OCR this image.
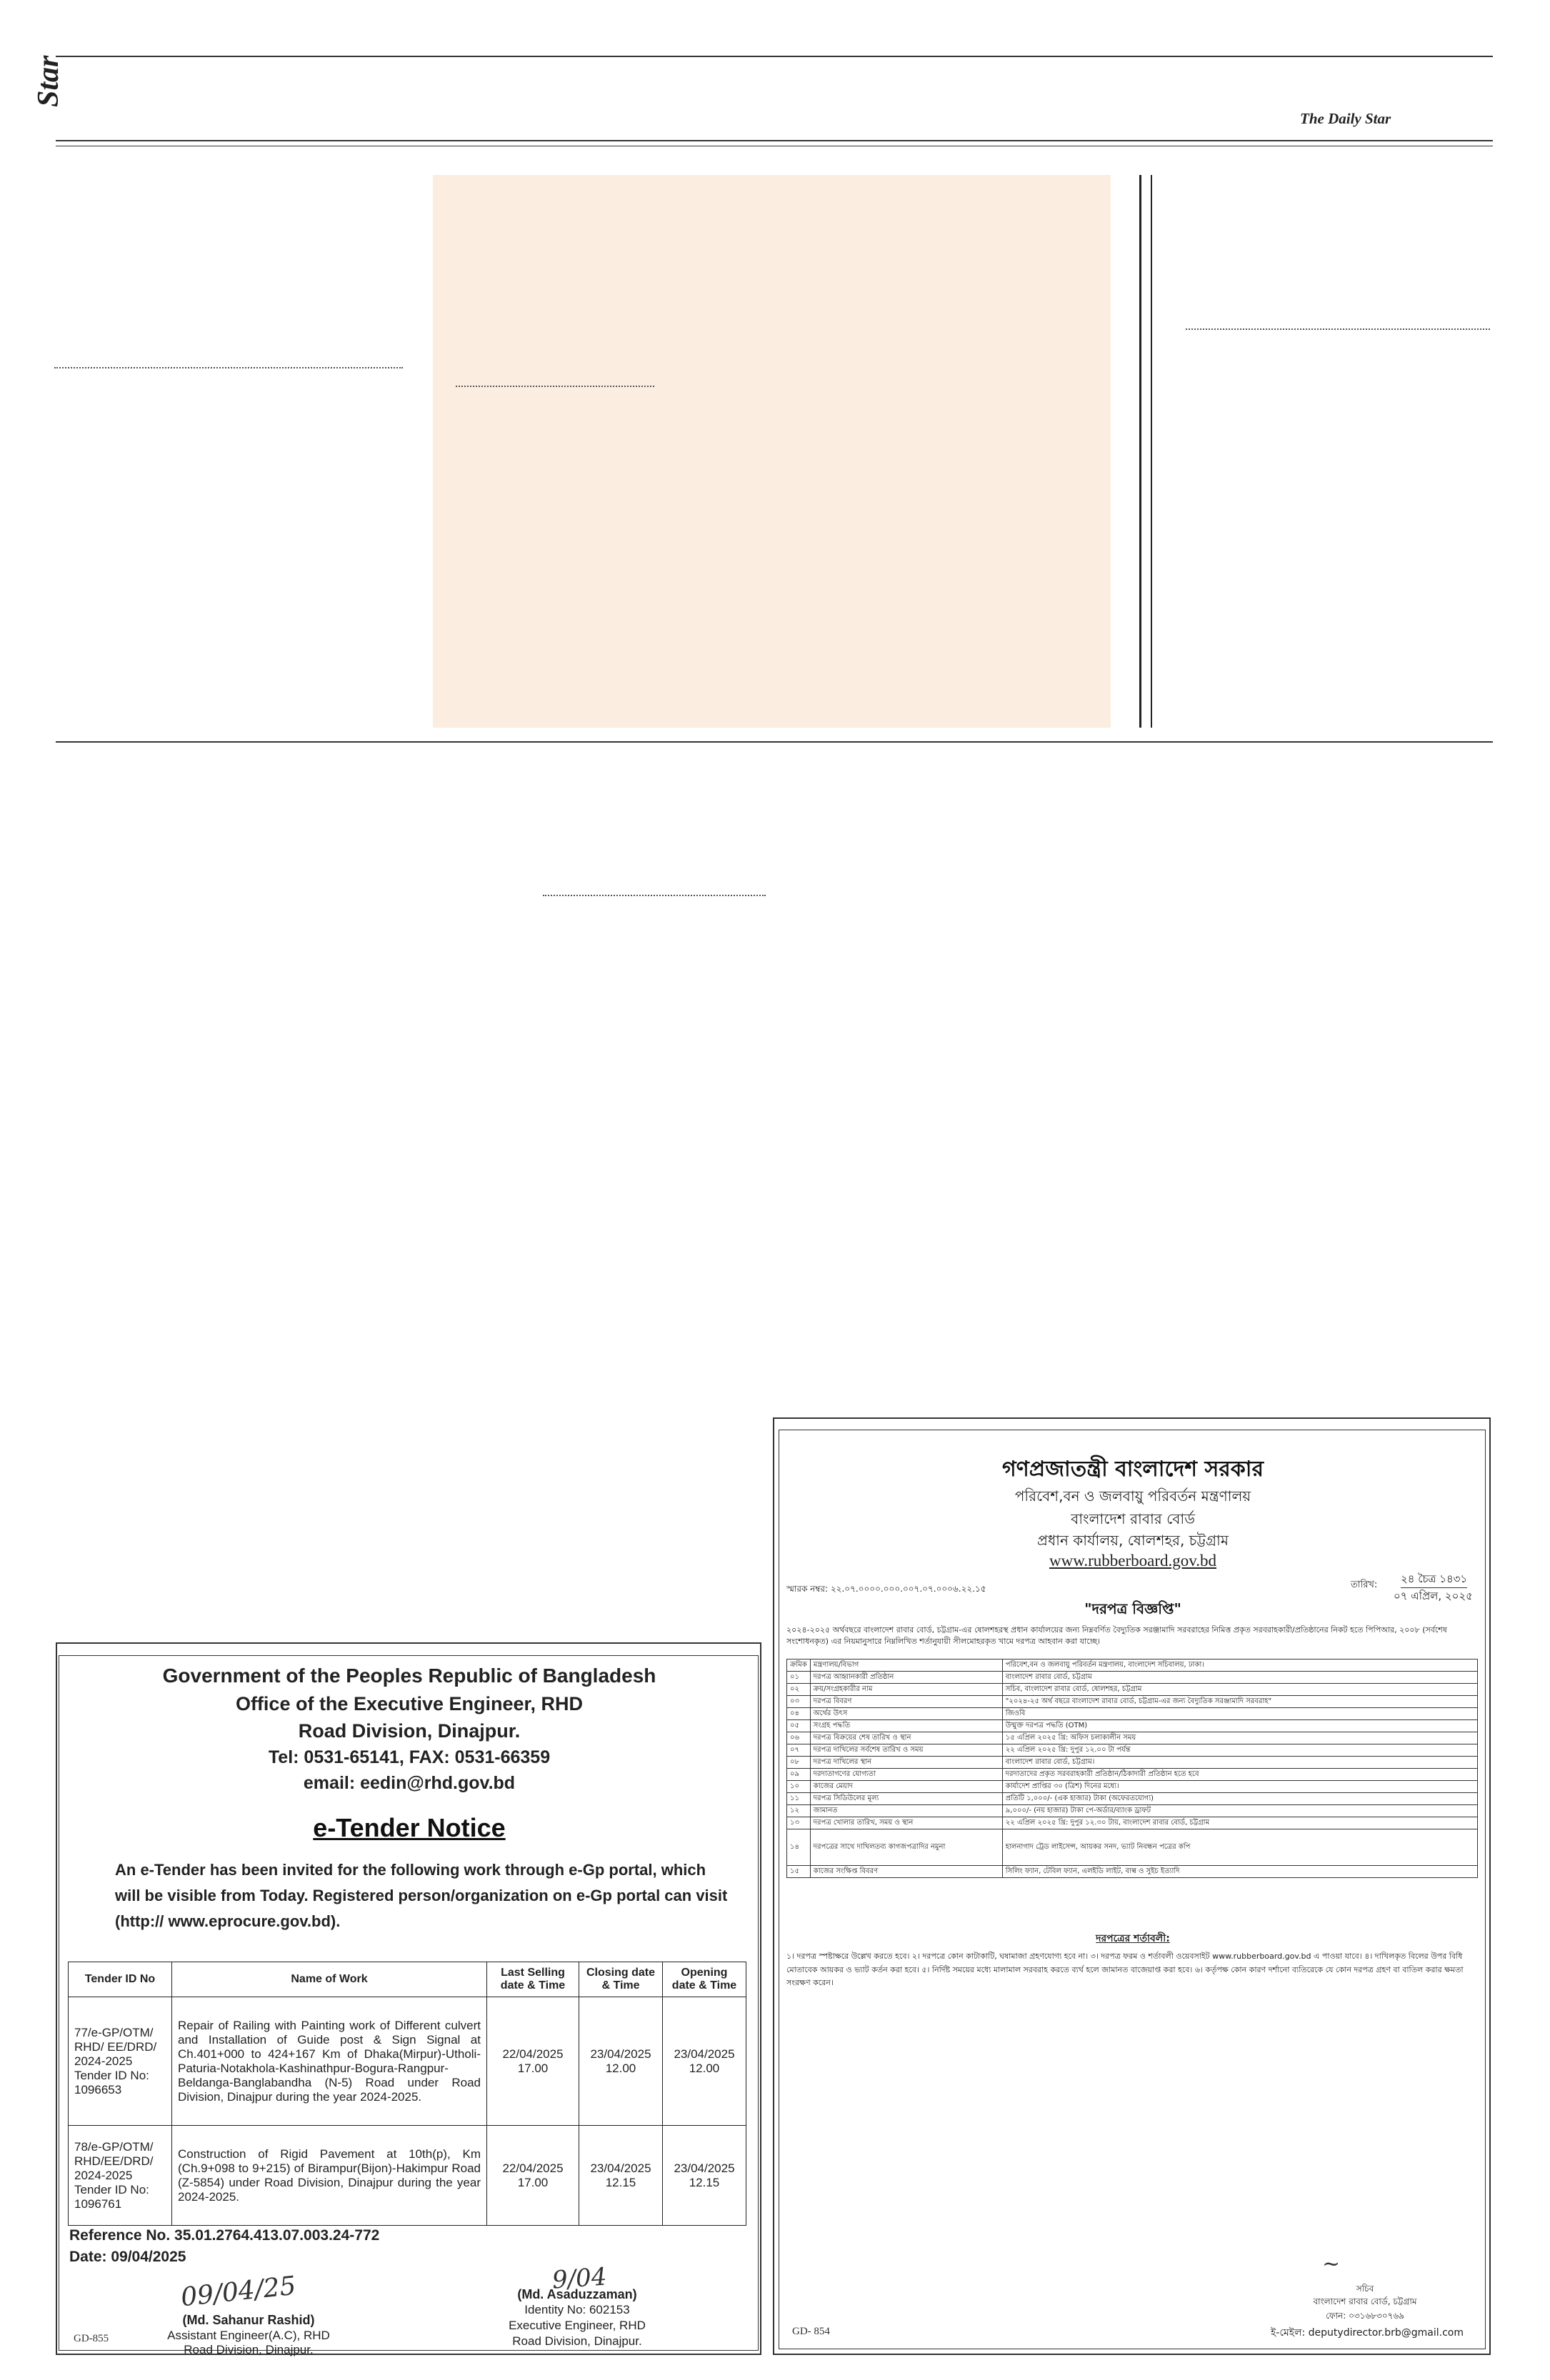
Star
The Daily Star
Government of the Peoples Republic of Bangladesh
Office of the Executive Engineer, RHD
Road Division, Dinajpur.
Tel: 0531-65141, FAX: 0531-66359
email: eedin@rhd.gov.bd
e-Tender Notice
An e-Tender has been invited for the following work through e-Gp portal, which will be visible from Today. Registered person/organization on e-Gp portal can visit (http:// www.eprocure.gov.bd).
Tender ID No	Name of Work	Last Selling date & Time	Closing date & Time	Opening date & Time
77/e-GP/OTM/ RHD/ EE/DRD/ 2024-2025 Tender ID No: 1096653	Repair of Railing with Painting work of Different culvert and Installation of Guide post & Sign Signal at Ch.401+000 to 424+167 Km of Dhaka(Mirpur)-Utholi-Paturia-Notakhola-Kashinathpur-Bogura-Rangpur-Beldanga-Banglabandha (N-5) Road under Road Division, Dinajpur during the year 2024-2025.	22/04/2025 17.00	23/04/2025 12.00	23/04/2025 12.00
78/e-GP/OTM/ RHD/EE/DRD/ 2024-2025 Tender ID No: 1096761	Construction of Rigid Pavement at 10th(p), Km (Ch.9+098 to 9+215) of Birampur(Bijon)-Hakimpur Road (Z-5854) under Road Division, Dinajpur during the year 2024-2025.	22/04/2025 17.00	23/04/2025 12.15	23/04/2025 12.15
Reference No. 35.01.2764.413.07.003.24-772
Date: 09/04/2025
09/04/25
(Md. Sahanur Rashid)
Assistant Engineer(A.C), RHD
Road Division, Dinajpur.
9/04
(Md. Asaduzzaman)
Identity No: 602153
Executive Engineer, RHD
Road Division, Dinajpur.
GD-855
গণপ্রজাতন্ত্রী বাংলাদেশ সরকার
পরিবেশ,বন ও জলবায়ু পরিবর্তন মন্ত্রণালয়
বাংলাদেশ রাবার বোর্ড
প্রধান কার্যালয়, ষোলশহর, চট্টগ্রাম
www.rubberboard.gov.bd
স্মারক নম্বর: ২২.০৭.০০০০.০০০.০০৭.০৭.০০০৬.২২.১৫	তারিখ: ২৪ চৈত্র ১৪৩১
০৭ এপ্রিল, ২০২৫
"দরপত্র বিজ্ঞপ্তি"
২০২৪-২০২৫ অর্থবছরে বাংলাদেশ রাবার বোর্ড, চট্টগ্রাম-এর ষোলশহরস্থ প্রধান কার্যালয়ের জন্য নিম্নবর্ণিত বৈদ্যুতিক সরঞ্জামাদি সরবরাহের নিমিত্ত প্রকৃত সরবরাহকারী/প্রতিষ্ঠানের নিকট হতে পিপিআর, ২০০৮ (সর্বশেষ সংশোধনকৃত) এর নিয়মানুসারে নিম্নলিখিত শর্তানুযায়ী সীলমোহরকৃত খামে দরপত্র আহবান করা যাচ্ছে।
ক্রমিক	মন্ত্রণালয়/বিভাগ	পরিবেশ,বন ও জলবায়ু পরিবর্তন মন্ত্রণালয়, বাংলাদেশ সচিবালয়, ঢাকা।
০১	দরপত্র আহ্বানকারী প্রতিষ্ঠান	বাংলাদেশ রাবার বোর্ড, চট্টগ্রাম
০২	ক্রয়/সংগ্রহকারীর নাম	সচিব, বাংলাদেশ রাবার বোর্ড, ষোলশহর, চট্টগ্রাম
০৩	দরপত্র বিবরণ	"২০২৪-২৫ অর্থ বছরে বাংলাদেশ রাবার বোর্ড, চট্টগ্রাম-এর জন্য বৈদ্যুতিক সরঞ্জামাদি সরবরাহ"
০৪	অর্থের উৎস	জিওবি
০৫	সংগ্রহ পদ্ধতি	উন্মুক্ত দরপত্র পদ্ধতি (OTM)
০৬	দরপত্র বিক্রয়ের শেষ তারিখ ও স্থান	১৫ এপ্রিল ২০২৫ খ্রি: অফিস চলাকালীন সময়
০৭	দরপত্র দাখিলের সর্বশেষ তারিখ ও সময়	২২ এপ্রিল ২০২৫ খ্রি: দুপুর ১২.০০ টা পর্যন্ত
০৮	দরপত্র দাখিলের স্থান	বাংলাদেশ রাবার বোর্ড, চট্টগ্রাম।
০৯	দরদাতাগণের যোগ্যতা	দরদাতাদের প্রকৃত সরবরাহকারী প্রতিষ্ঠান/ঠিকাদারী প্রতিষ্ঠান হতে হবে
১০	কাজের মেয়াদ	কার্যাদেশ প্রাপ্তির ৩০ (ত্রিশ) দিনের মধ্যে।
১১	দরপত্র সিডিউলের মূল্য	প্রতিটি ১,০০০/- (এক হাজার) টাকা (অফেরতযোগ্য)
১২	জামানত	৯,০০০/- (নয় হাজার) টাকা পে-অর্ডার/ব্যাংক ড্রাফট
১৩	দরপত্র খোলার তারিখ, সময় ও স্থান	২২ এপ্রিল ২০২৫ খ্রি: দুপুর ১২.৩০ টায়, বাংলাদেশ রাবার বোর্ড, চট্টগ্রাম
১৪	দরপত্রের সাথে দাখিলতব্য কাগজপত্রাদির নমুনা	হালনাগাদ ট্রেড লাইসেন্স, আয়কর সনদ, ভ্যাট নিবন্ধন পত্রের কপি
১৫	কাজের সংক্ষিপ্ত বিবরণ	সিলিং ফ্যান, টেবিল ফ্যান, এলইডি লাইট, বাল্ব ও সুইচ ইত্যাদি
দরপত্রের শর্তাবলী:
১। দরপত্র স্পষ্টাক্ষরে উল্লেখ করতে হবে। ২। দরপত্রে কোন কাটাকাটি, ঘষামাজা গ্রহণযোগ্য হবে না। ৩। দরপত্র ফরম ও শর্তাবলী ওয়েবসাইট www.rubberboard.gov.bd এ পাওয়া যাবে। ৪। দাখিলকৃত বিলের উপর বিধি মোতাবেক আয়কর ও ভ্যাট কর্তন করা হবে। ৫। নির্দিষ্ট সময়ের মধ্যে মালামাল সরবরাহ করতে ব্যর্থ হলে জামানত বাজেয়াপ্ত করা হবে। ৬। কর্তৃপক্ষ কোন কারণ দর্শানো ব্যতিরেকে যে কোন দরপত্র গ্রহণ বা বাতিল করার ক্ষমতা সংরক্ষণ করেন।
~
সচিব
বাংলাদেশ রাবার বোর্ড, চট্টগ্রাম
ফোন: ০৩১৬৮৩০৭৬৯
ই-মেইল: deputydirector.brb@gmail.com
GD- 854
